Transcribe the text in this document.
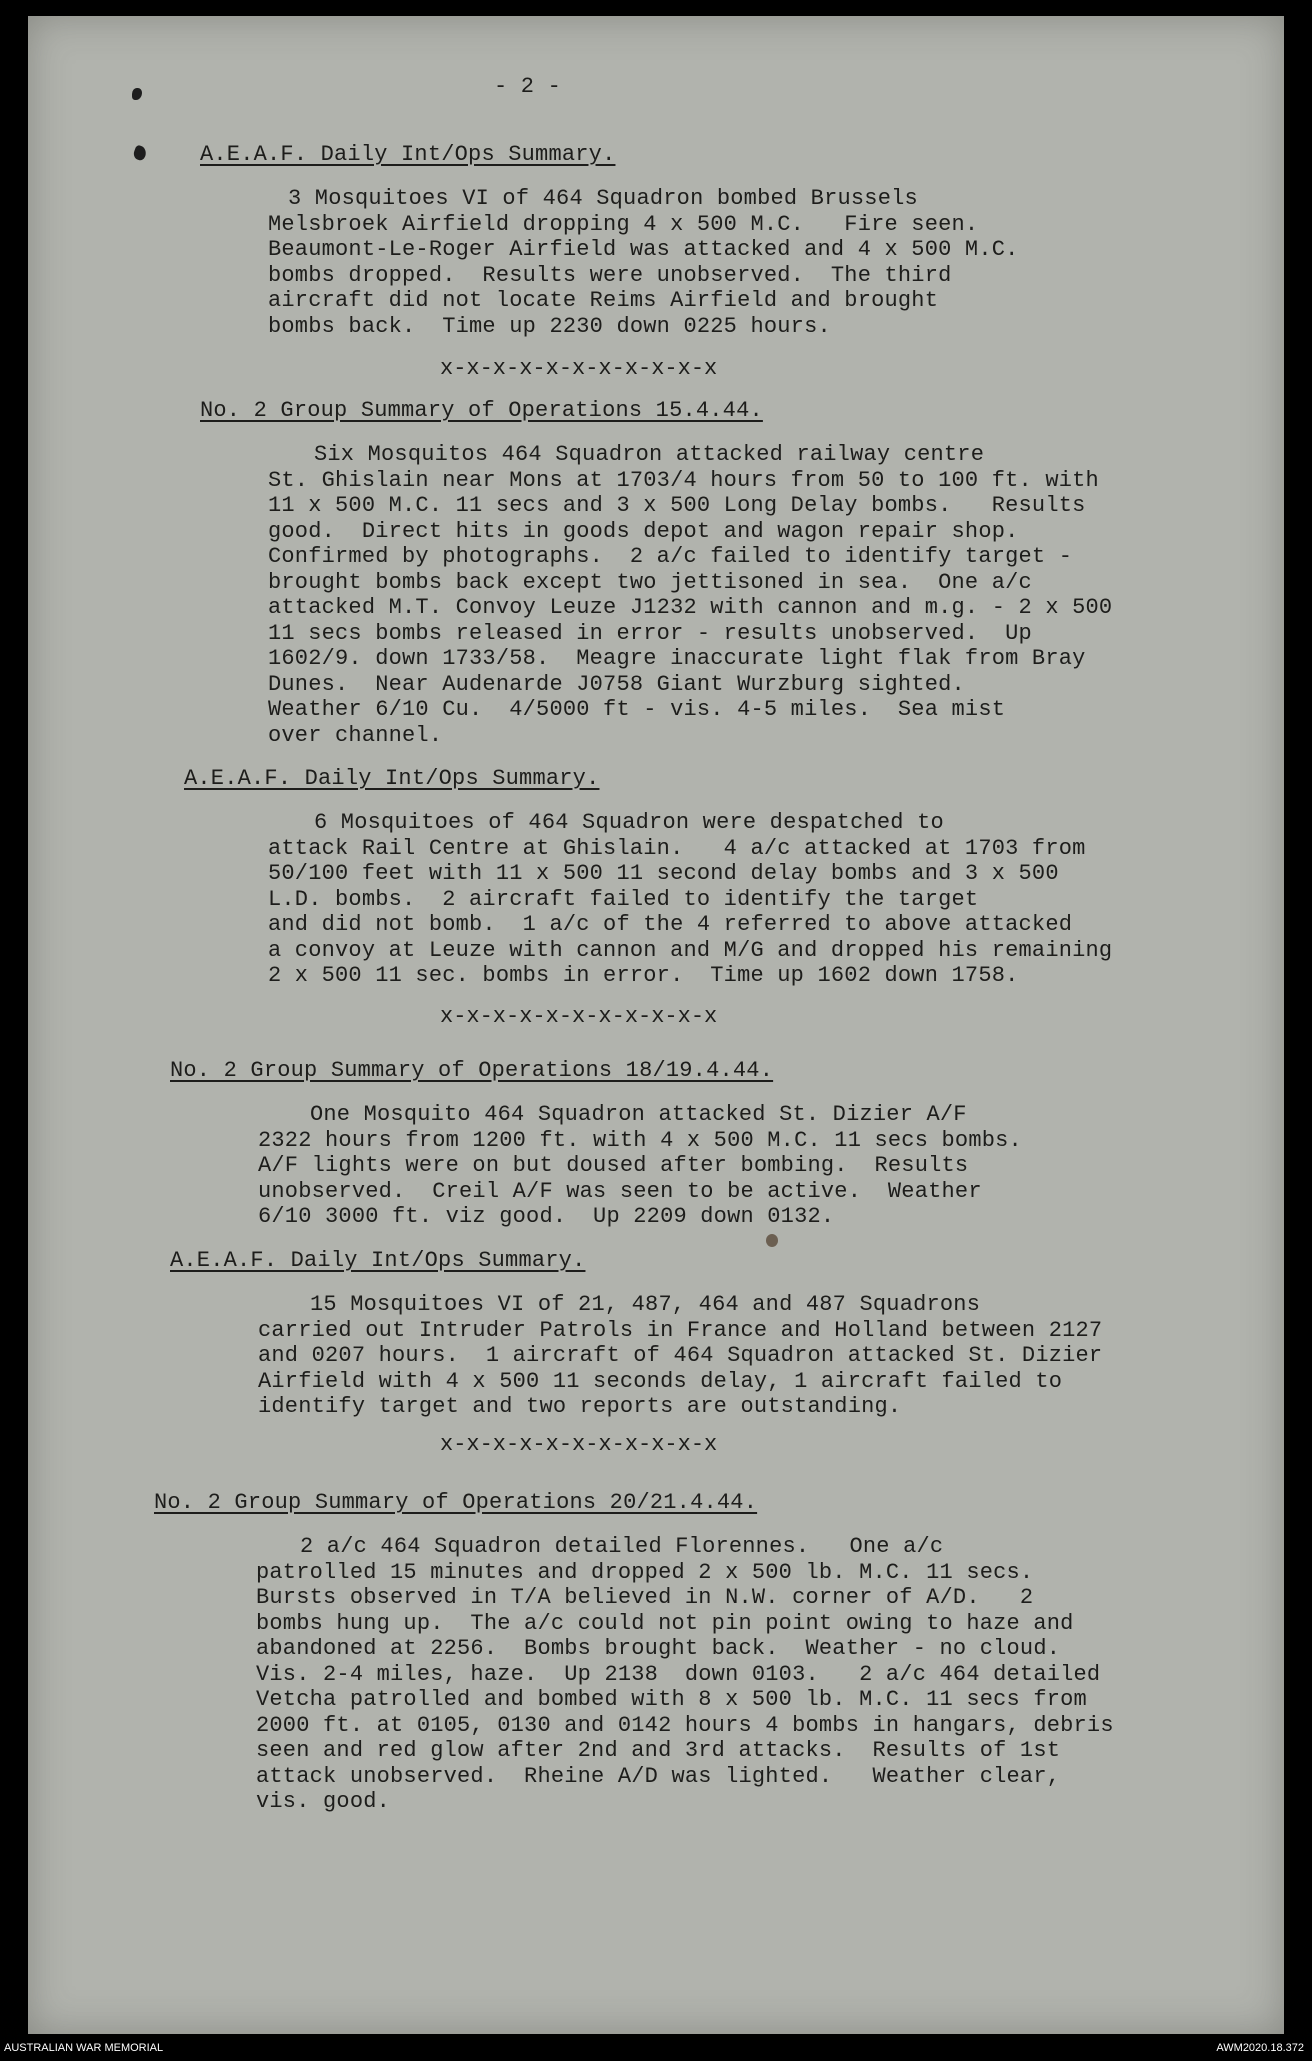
- 2 -

A.E.A.F. Daily Int/Ops Summary.

3 Mosquitoes VI of 464 Squadron bombed Brussels

Melsbroek Airfield dropping 4 x 500 M.C.   Fire seen.

Beaumont-Le-Roger Airfield was attacked and 4 x 500 M.C.

bombs dropped.  Results were unobserved.  The third

aircraft did not locate Reims Airfield and brought

bombs back.  Time up 2230 down 0225 hours.

x-x-x-x-x-x-x-x-x-x-x

No. 2 Group Summary of Operations 15.4.44.

Six Mosquitos 464 Squadron attacked railway centre

St. Ghislain near Mons at 1703/4 hours from 50 to 100 ft. with

11 x 500 M.C. 11 secs and 3 x 500 Long Delay bombs.   Results

good.  Direct hits in goods depot and wagon repair shop.

Confirmed by photographs.  2 a/c failed to identify target -

brought bombs back except two jettisoned in sea.  One a/c

attacked M.T. Convoy Leuze J1232 with cannon and m.g. - 2 x 500

11 secs bombs released in error - results unobserved.  Up

1602/9. down 1733/58.  Meagre inaccurate light flak from Bray

Dunes.  Near Audenarde J0758 Giant Wurzburg sighted.

Weather 6/10 Cu.  4/5000 ft - vis. 4-5 miles.  Sea mist

over channel.

A.E.A.F. Daily Int/Ops Summary.

6 Mosquitoes of 464 Squadron were despatched to

attack Rail Centre at Ghislain.   4 a/c attacked at 1703 from

50/100 feet with 11 x 500 11 second delay bombs and 3 x 500

L.D. bombs.  2 aircraft failed to identify the target

and did not bomb.  1 a/c of the 4 referred to above attacked

a convoy at Leuze with cannon and M/G and dropped his remaining

2 x 500 11 sec. bombs in error.  Time up 1602 down 1758.

x-x-x-x-x-x-x-x-x-x-x

No. 2 Group Summary of Operations 18/19.4.44.

One Mosquito 464 Squadron attacked St. Dizier A/F

2322 hours from 1200 ft. with 4 x 500 M.C. 11 secs bombs.

A/F lights were on but doused after bombing.  Results

unobserved.  Creil A/F was seen to be active.  Weather

6/10 3000 ft. viz good.  Up 2209 down 0132.

A.E.A.F. Daily Int/Ops Summary.

15 Mosquitoes VI of 21, 487, 464 and 487 Squadrons

carried out Intruder Patrols in France and Holland between 2127

and 0207 hours.  1 aircraft of 464 Squadron attacked St. Dizier

Airfield with 4 x 500 11 seconds delay, 1 aircraft failed to

identify target and two reports are outstanding.

x-x-x-x-x-x-x-x-x-x-x

No. 2 Group Summary of Operations 20/21.4.44.

2 a/c 464 Squadron detailed Florennes.   One a/c

patrolled 15 minutes and dropped 2 x 500 lb. M.C. 11 secs.

Bursts observed in T/A believed in N.W. corner of A/D.   2

bombs hung up.  The a/c could not pin point owing to haze and

abandoned at 2256.  Bombs brought back.  Weather - no cloud.

Vis. 2-4 miles, haze.  Up 2138  down 0103.   2 a/c 464 detailed

Vetcha patrolled and bombed with 8 x 500 lb. M.C. 11 secs from

2000 ft. at 0105, 0130 and 0142 hours 4 bombs in hangars, debris

seen and red glow after 2nd and 3rd attacks.  Results of 1st

attack unobserved.  Rheine A/D was lighted.   Weather clear,

vis. good.

AUSTRALIAN WAR MEMORIAL	AWM2020.18.372
